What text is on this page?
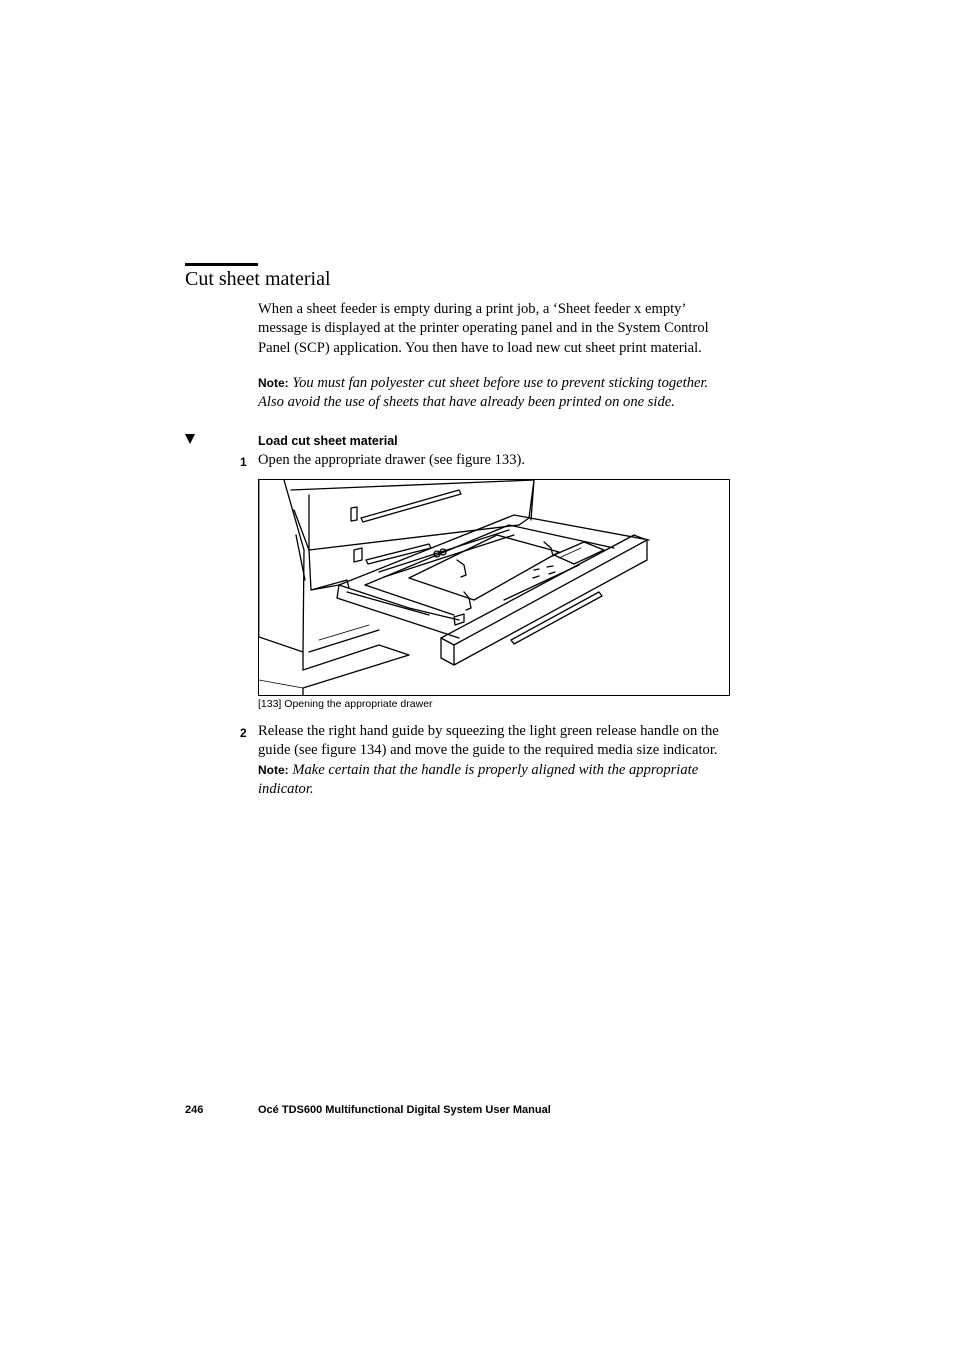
Cut sheet material
When a sheet feeder is empty during a print job, a ‘Sheet feeder x empty’
message is displayed at the printer operating panel and in the System Control
Panel (SCP) application. You then have to load new cut sheet print material.
Note: You must fan polyester cut sheet before use to prevent sticking together.
Also avoid the use of sheets that have already been printed on one side.
Load cut sheet material
1 Open the appropriate drawer (see figure 133).
[133] Opening the appropriate drawer
2 Release the right hand guide by squeezing the light green release handle on the
guide (see figure 134) and move the guide to the required media size indicator.
Note: Make certain that the handle is properly aligned with the appropriate
indicator.
246	Océ TDS600 Multifunctional Digital System User Manual
